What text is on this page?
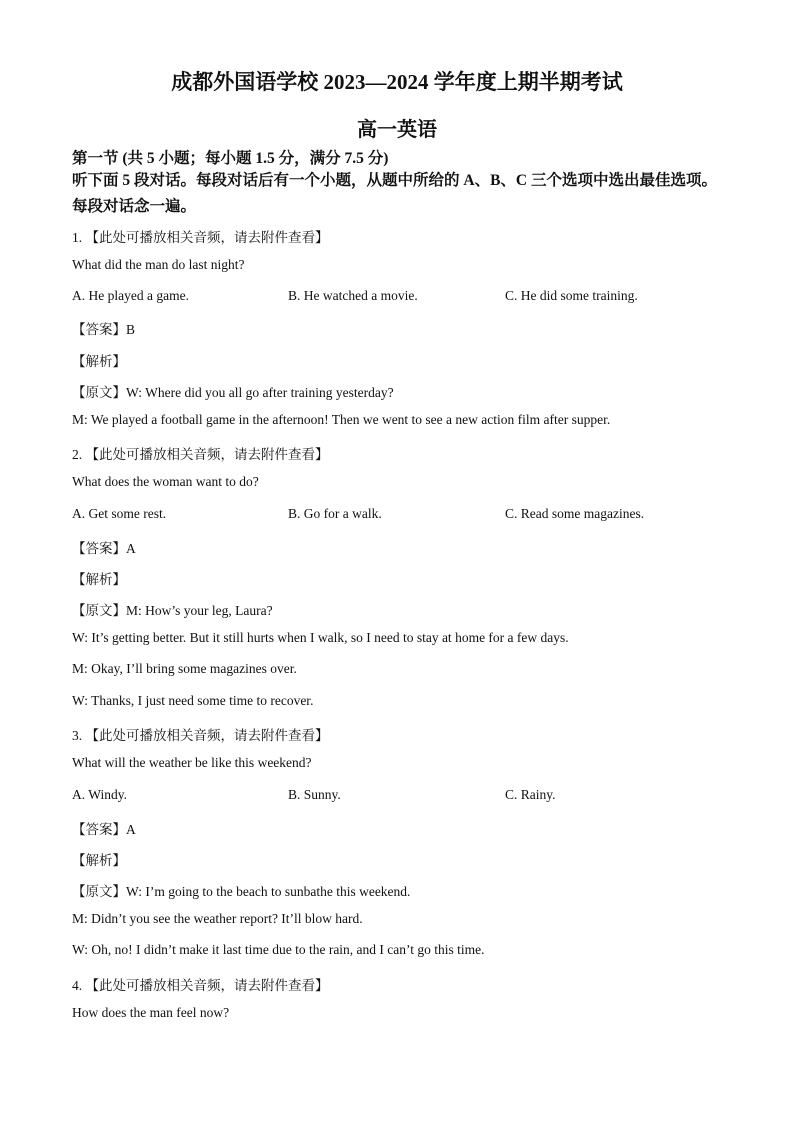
成都外国语学校 2023—2024 学年度上期半期考试
高一英语
第一节 (共 5 小题；每小题 1.5 分，满分 7.5 分)
听下面 5 段对话。每段对话后有一个小题，从题中所给的 A、B、C 三个选项中选出最佳选项。每段对话念一遍。
1. 【此处可播放相关音频，请去附件查看】
What did the man do last night?
A. He played a game.	B. He watched a movie.	C. He did some training.
【答案】B
【解析】
【原文】W: Where did you all go after training yesterday?
M: We played a football game in the afternoon! Then we went to see a new action film after supper.
2. 【此处可播放相关音频，请去附件查看】
What does the woman want to do?
A. Get some rest.	B. Go for a walk.	C. Read some magazines.
【答案】A
【解析】
【原文】M: How’s your leg, Laura?
W: It’s getting better. But it still hurts when I walk, so I need to stay at home for a few days.
M: Okay, I’ll bring some magazines over.
W: Thanks, I just need some time to recover.
3. 【此处可播放相关音频，请去附件查看】
What will the weather be like this weekend?
A. Windy.	B. Sunny.	C. Rainy.
【答案】A
【解析】
【原文】W: I’m going to the beach to sunbathe this weekend.
M: Didn’t you see the weather report? It’ll blow hard.
W: Oh, no! I didn’t make it last time due to the rain, and I can’t go this time.
4. 【此处可播放相关音频，请去附件查看】
How does the man feel now?
